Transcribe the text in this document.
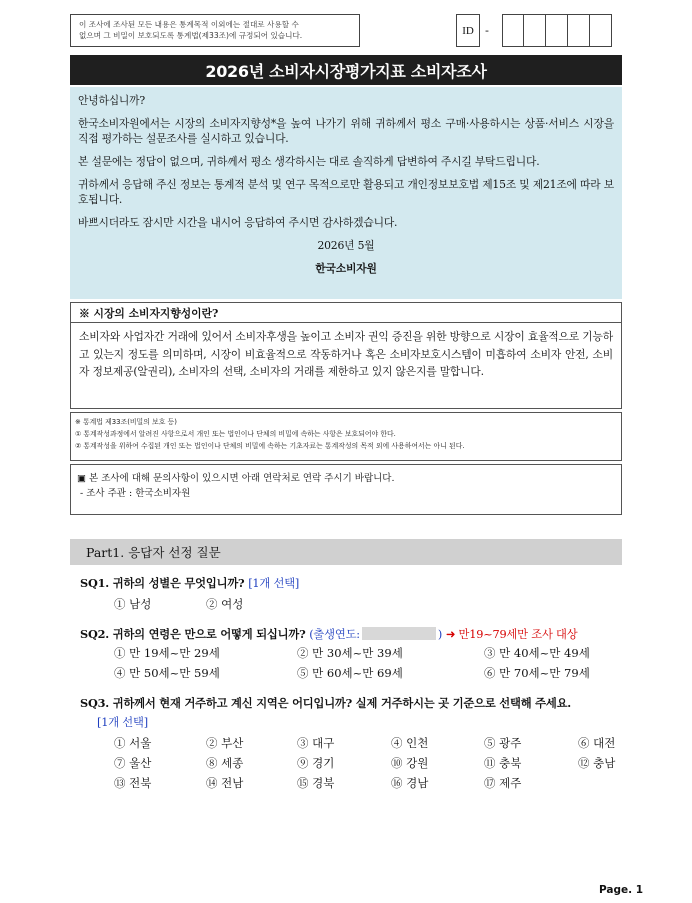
이 조사에 조사된 모든 내용은 통계목적 이외에는 절대로 사용할 수
없으며 그 비밀이 보호되도록 통계법(제33조)에 규정되어 있습니다.	ID	-
2026년 소비자시장평가지표 소비자조사

안녕하십니까?

한국소비자원에서는 시장의 소비자지향성*을 높여 나가기 위해 귀하께서 평소 구매·사용하시는 상품·서비스 시장을 직접 평가하는 설문조사를 실시하고 있습니다.

본 설문에는 정답이 없으며, 귀하께서 평소 생각하시는 대로 솔직하게 답변하여 주시길 부탁드립니다.

귀하께서 응답해 주신 정보는 통계적 분석 및 연구 목적으로만 활용되고 개인정보보호법 제15조 및 제21조에 따라 보호됩니다.

바쁘시더라도 잠시만 시간을 내시어 응답하여 주시면 감사하겠습니다.

2026년 5월
한국소비자원
※ 시장의 소비자지향성이란?
소비자와 사업자간 거래에 있어서 소비자후생을 높이고 소비자 권익 증진을 위한 방향으로 시장이 효율적으로 기능하고 있는지 정도를 의미하며, 시장이 비효율적으로 작동하거나 혹은 소비자보호시스템이 미흡하여 소비자 안전, 소비자 정보제공(알권리), 소비자의 선택, 소비자의 거래를 제한하고 있지 않은지를 말합니다.
※ 통계법 제33조(비밀의 보호 등)
① 통계작성과정에서 알려진 사항으로서 개인 또는 법인이나 단체의 비밀에 속하는 사항은 보호되어야 한다.
② 통계작성을 위하여 수집된 개인 또는 법인이나 단체의 비밀에 속하는 기초자료는 통계작성의 목적 외에 사용하여서는 아니 된다.
▣ 본 조사에 대해 문의사항이 있으시면 아래 연락처로 연락 주시기 바랍니다.
- 조사 주관 : 한국소비자원
Part1. 응답자 선정 질문
SQ1. 귀하의 성별은 무엇입니까? [1개 선택]
① 남성	② 여성
SQ2. 귀하의 연령은 만으로 어떻게 되십니까? (출생연도:	) ➜ 만19~79세만 조사 대상
① 만 19세~만 29세	② 만 30세~만 39세	③ 만 40세~만 49세
④ 만 50세~만 59세	⑤ 만 60세~만 69세	⑥ 만 70세~만 79세
SQ3. 귀하께서 현재 거주하고 계신 지역은 어디입니까? 실제 거주하시는 곳 기준으로 선택해 주세요.
[1개 선택]
① 서울	② 부산	③ 대구	④ 인천	⑤ 광주	⑥ 대전
⑦ 울산	⑧ 세종	⑨ 경기	⑩ 강원	⑪ 충북	⑫ 충남
⑬ 전북	⑭ 전남	⑮ 경북	⑯ 경남	⑰ 제주
Page. 1
